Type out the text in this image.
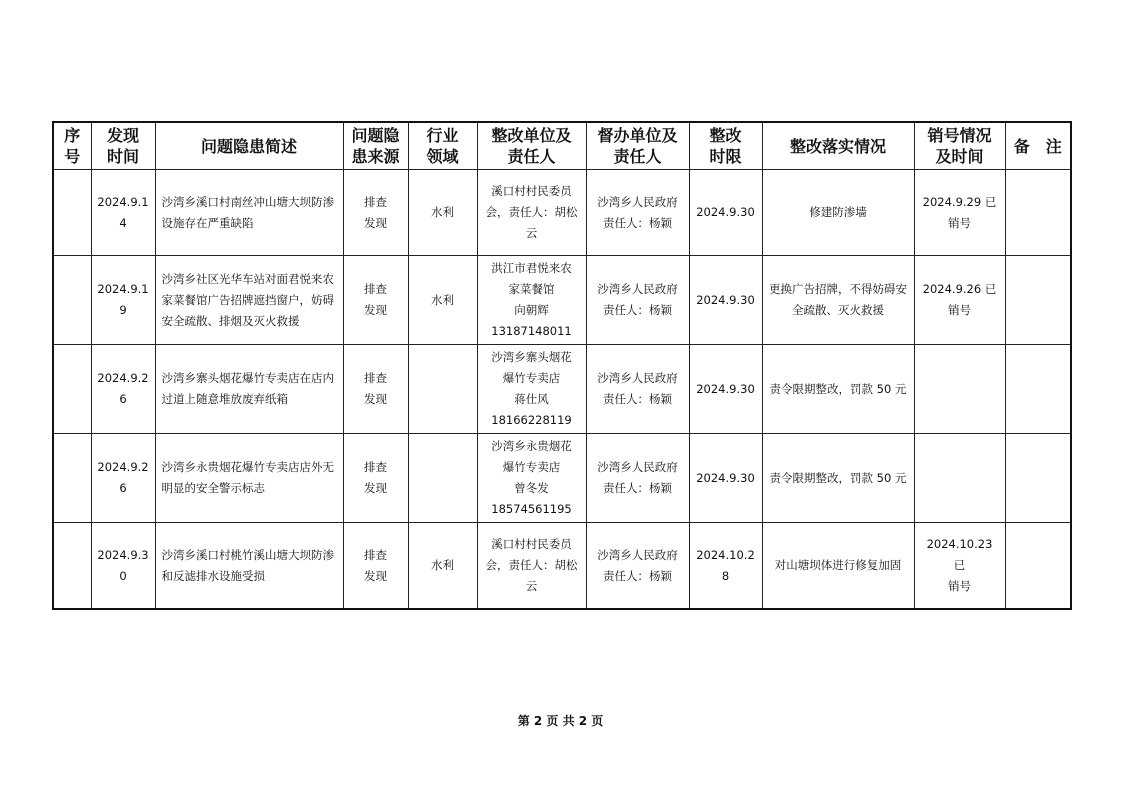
序
号	发现
时间	问题隐患简述	问题隐
患来源	行业
领域	整改单位及
责任人	督办单位及
责任人	整改
时限	整改落实情况	销号情况
及时间	备　注

	2024.9.1
4	沙湾乡溪口村南丝冲山塘大坝防渗设施存在严重缺陷	排查
发现	水利	溪口村村民委员
会，责任人：胡松
云	沙湾乡人民政府
责任人：杨颖	2024.9.30	修建防渗墙	2024.9.29 已
销号	

	2024.9.1
9	沙湾乡社区光华车站对面君悦来农家菜餐馆广告招牌遮挡窗户，妨碍安全疏散、排烟及灭火救援	排查
发现	水利	洪江市君悦来农
家菜餐馆
向朝辉
13187148011	沙湾乡人民政府
责任人：杨颖	2024.9.30	更换广告招牌，不得妨碍安全疏散、灭火救援	2024.9.26 已
销号	

	2024.9.2
6	沙湾乡寨头烟花爆竹专卖店在店内过道上随意堆放废弃纸箱	排查
发现		沙湾乡寨头烟花
爆竹专卖店
蒋仕风
18166228119	沙湾乡人民政府
责任人：杨颖	2024.9.30	责令限期整改，罚款 50 元		

	2024.9.2
6	沙湾乡永贵烟花爆竹专卖店店外无明显的安全警示标志	排查
发现		沙湾乡永贵烟花
爆竹专卖店
曾冬发
18574561195	沙湾乡人民政府
责任人：杨颖	2024.9.30	责令限期整改，罚款 50 元		

	2024.9.3
0	沙湾乡溪口村桃竹溪山塘大坝防渗和反滤排水设施受损	排查
发现	水利	溪口村村民委员
会，责任人：胡松
云	沙湾乡人民政府
责任人：杨颖	2024.10.2
8	对山塘坝体进行修复加固	2024.10.23 已
销号	

第 2 页 共 2 页
